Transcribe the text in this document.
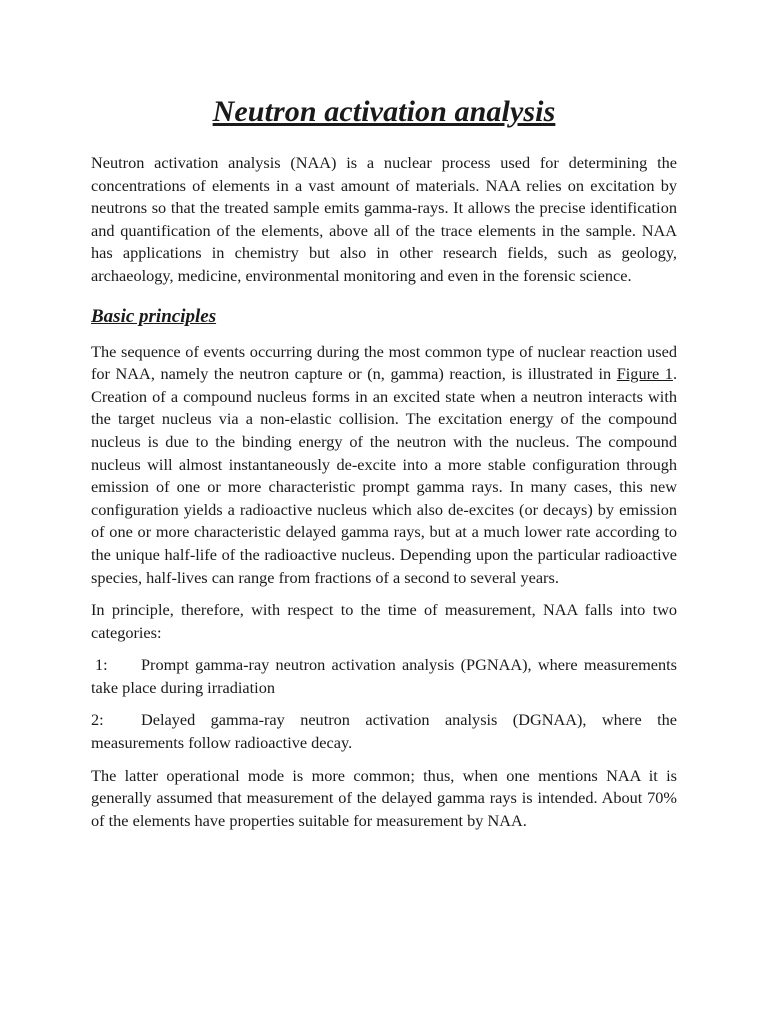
Neutron activation analysis

Neutron activation analysis (NAA) is a nuclear process used for determining the concentrations of elements in a vast amount of materials. NAA relies on excitation by neutrons so that the treated sample emits gamma-rays. It allows the precise identification and quantification of the elements, above all of the trace elements in the sample. NAA has applications in chemistry but also in other research fields, such as geology, archaeology, medicine, environmental monitoring and even in the forensic science.

Basic principles

The sequence of events occurring during the most common type of nuclear reaction used for NAA, namely the neutron capture or (n, gamma) reaction, is illustrated in Figure 1. Creation of a compound nucleus forms in an excited state when a neutron interacts with the target nucleus via a non-elastic collision. The excitation energy of the compound nucleus is due to the binding energy of the neutron with the nucleus. The compound nucleus will almost instantaneously de-excite into a more stable configuration through emission of one or more characteristic prompt gamma rays. In many cases, this new configuration yields a radioactive nucleus which also de-excites (or decays) by emission of one or more characteristic delayed gamma rays, but at a much lower rate according to the unique half-life of the radioactive nucleus. Depending upon the particular radioactive species, half-lives can range from fractions of a second to several years.

In principle, therefore, with respect to the time of measurement, NAA falls into two categories:

1: Prompt gamma-ray neutron activation analysis (PGNAA), where measurements take place during irradiation

2: Delayed gamma-ray neutron activation analysis (DGNAA), where the measurements follow radioactive decay.

The latter operational mode is more common; thus, when one mentions NAA it is generally assumed that measurement of the delayed gamma rays is intended. About 70% of the elements have properties suitable for measurement by NAA.
